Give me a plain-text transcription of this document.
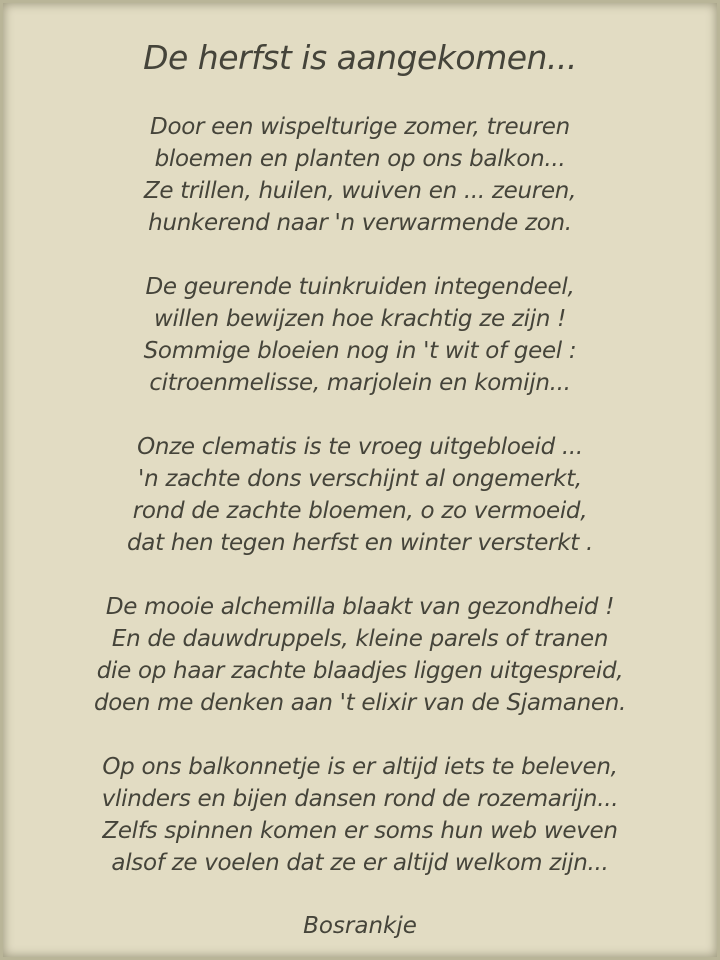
De herfst is aangekomen...
Door een wispelturige zomer, treuren
bloemen en planten op ons balkon...
Ze trillen, huilen, wuiven en ... zeuren,
hunkerend naar 'n verwarmende zon.
De geurende tuinkruiden integendeel,
willen bewijzen hoe krachtig ze zijn !
Sommige bloeien nog in 't wit of geel :
citroenmelisse, marjolein en komijn...
Onze clematis is te vroeg uitgebloeid ...
'n zachte dons verschijnt al ongemerkt,
rond de zachte bloemen, o zo vermoeid,
dat hen tegen herfst en winter versterkt .
De mooie alchemilla blaakt van gezondheid !
En de dauwdruppels, kleine parels of tranen
die op haar zachte blaadjes liggen uitgespreid,
doen me denken aan 't elixir van de Sjamanen.
Op ons balkonnetje is er altijd iets te beleven,
vlinders en bijen dansen rond de rozemarijn...
Zelfs spinnen komen er soms hun web weven
alsof ze voelen dat ze er altijd welkom zijn...
Bosrankje
